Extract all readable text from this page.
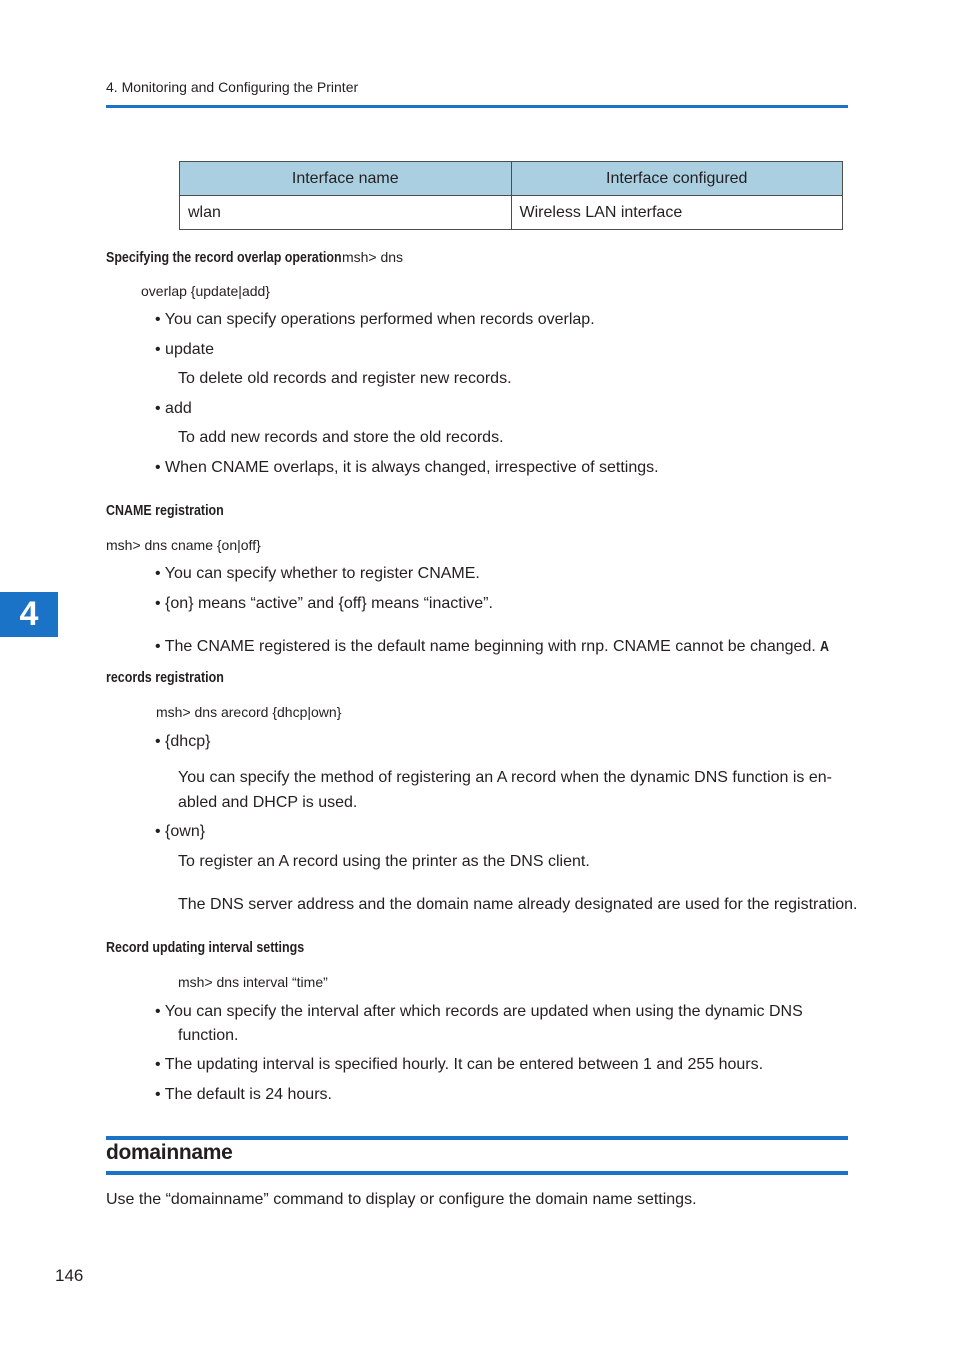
4. Monitoring and Configuring the Printer
Interface name	Interface configured
wlan	Wireless LAN interface
Specifying the record overlap operationmsh> dns
overlap {update|add}
• You can specify operations performed when records overlap.
• update
To delete old records and register new records.
• add
To add new records and store the old records.
• When CNAME overlaps, it is always changed, irrespective of settings.
CNAME registration
msh> dns cname {on|off}
• You can specify whether to register CNAME.
• {on} means “active” and {off} means “inactive”.
• The CNAME registered is the default name beginning with rnp. CNAME cannot be changed. A
records registration
msh> dns arecord {dhcp|own}
• {dhcp}
You can specify the method of registering an A record when the dynamic DNS function is en-
abled and DHCP is used.
• {own}
To register an A record using the printer as the DNS client.
The DNS server address and the domain name already designated are used for the registration.
Record updating interval settings
msh> dns interval “time”
• You can specify the interval after which records are updated when using the dynamic DNS
function.
• The updating interval is specified hourly. It can be entered between 1 and 255 hours.
• The default is 24 hours.
domainname
Use the “domainname” command to display or configure the domain name settings.
4
146
